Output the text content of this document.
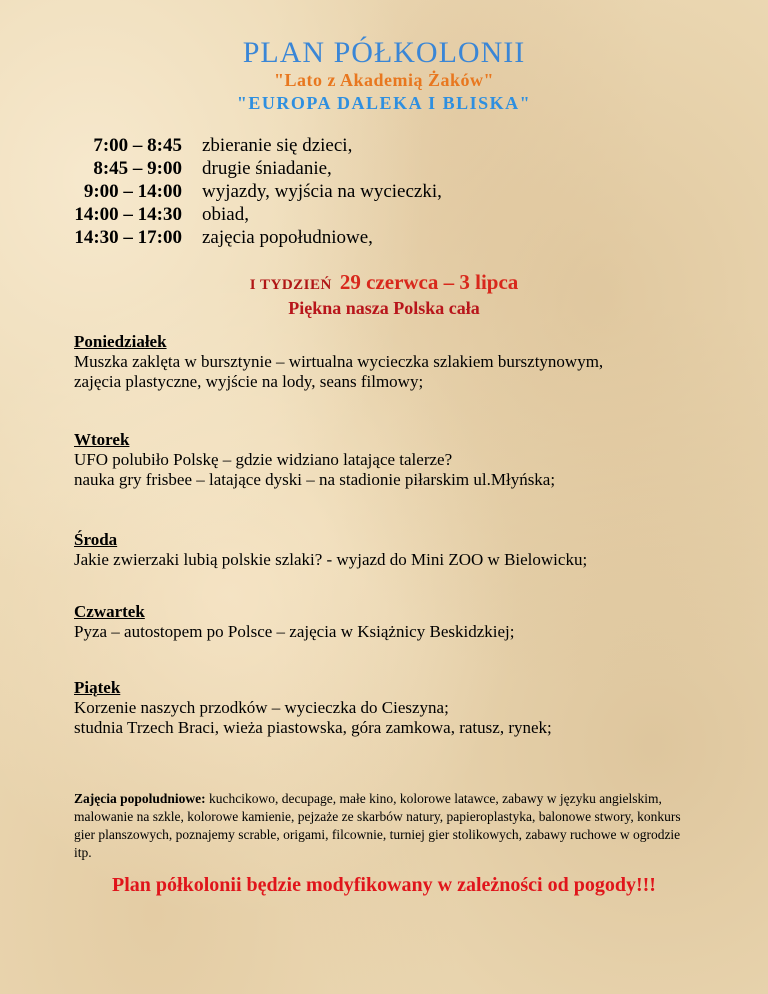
PLAN PÓŁKOLONII
"Lato z Akademią Żaków"
"EUROPA DALEKA I BLISKA"
7:00 – 8:45 zbieranie się dzieci,
8:45 – 9:00 drugie śniadanie,
9:00 – 14:00 wyjazdy, wyjścia na wycieczki,
14:00 – 14:30 obiad,
14:30 – 17:00 zajęcia popołudniowe,
I TYDZIEŃ 29 czerwca – 3 lipca
Piękna nasza Polska cała
Poniedziałek
Muszka zaklęta w bursztynie – wirtualna wycieczka szlakiem bursztynowym,
zajęcia plastyczne, wyjście na lody, seans filmowy;
Wtorek
UFO polubiło Polskę – gdzie widziano latające talerze?
nauka gry frisbee – latające dyski – na stadionie piłarskim ul.Młyńska;
Środa
Jakie zwierzaki lubią polskie szlaki? - wyjazd do Mini ZOO w Bielowicku;
Czwartek
Pyza – autostopem po Polsce – zajęcia w Książnicy Beskidzkiej;
Piątek
Korzenie naszych przodków – wycieczka do Cieszyna;
studnia Trzech Braci, wieża piastowska, góra zamkowa, ratusz, rynek;
Zajęcia popoludniowe: kuchcikowo, decupage, małe kino, kolorowe latawce, zabawy w języku angielskim, malowanie na szkle, kolorowe kamienie, pejzaże ze skarbów natury, papieroplastyka, balonowe stwory, konkurs gier planszowych, poznajemy scrable, origami, filcownie, turniej gier stolikowych, zabawy ruchowe w ogrodzie itp.
Plan półkolonii będzie modyfikowany w zależności od pogody!!!
